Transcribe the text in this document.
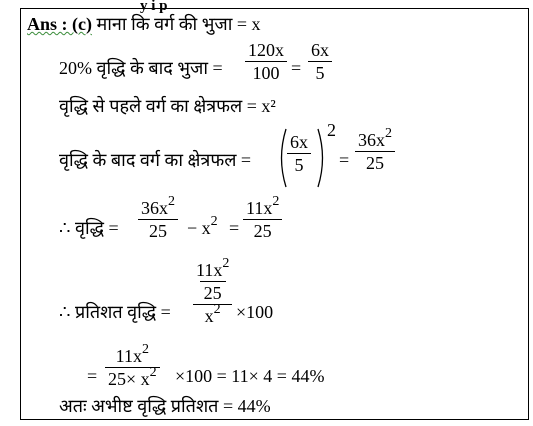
y i p
Ans : (c) माना कि वर्ग की भुजा = x
20% वृद्धि के बाद भुजा =
120x
100 =
6x
5
वृद्धि से पहले वर्ग का क्षेत्रफल = x²
वृद्धि के बाद वर्ग का क्षेत्रफल =
6x
5
2
=
$36x^2$
25
∴ वृद्धि =
$36x^2$
$25 - x^2$ =
$11x^2$
25
∴ प्रतिशत वृद्धि =
$11x^2$
25
$x^2 \times 100$
=
$11x^2$
$25\times x^2 \times 100 = 11\times 4 = 44\%$
अतः अभीष्ट वृद्धि प्रतिशत = 44%
